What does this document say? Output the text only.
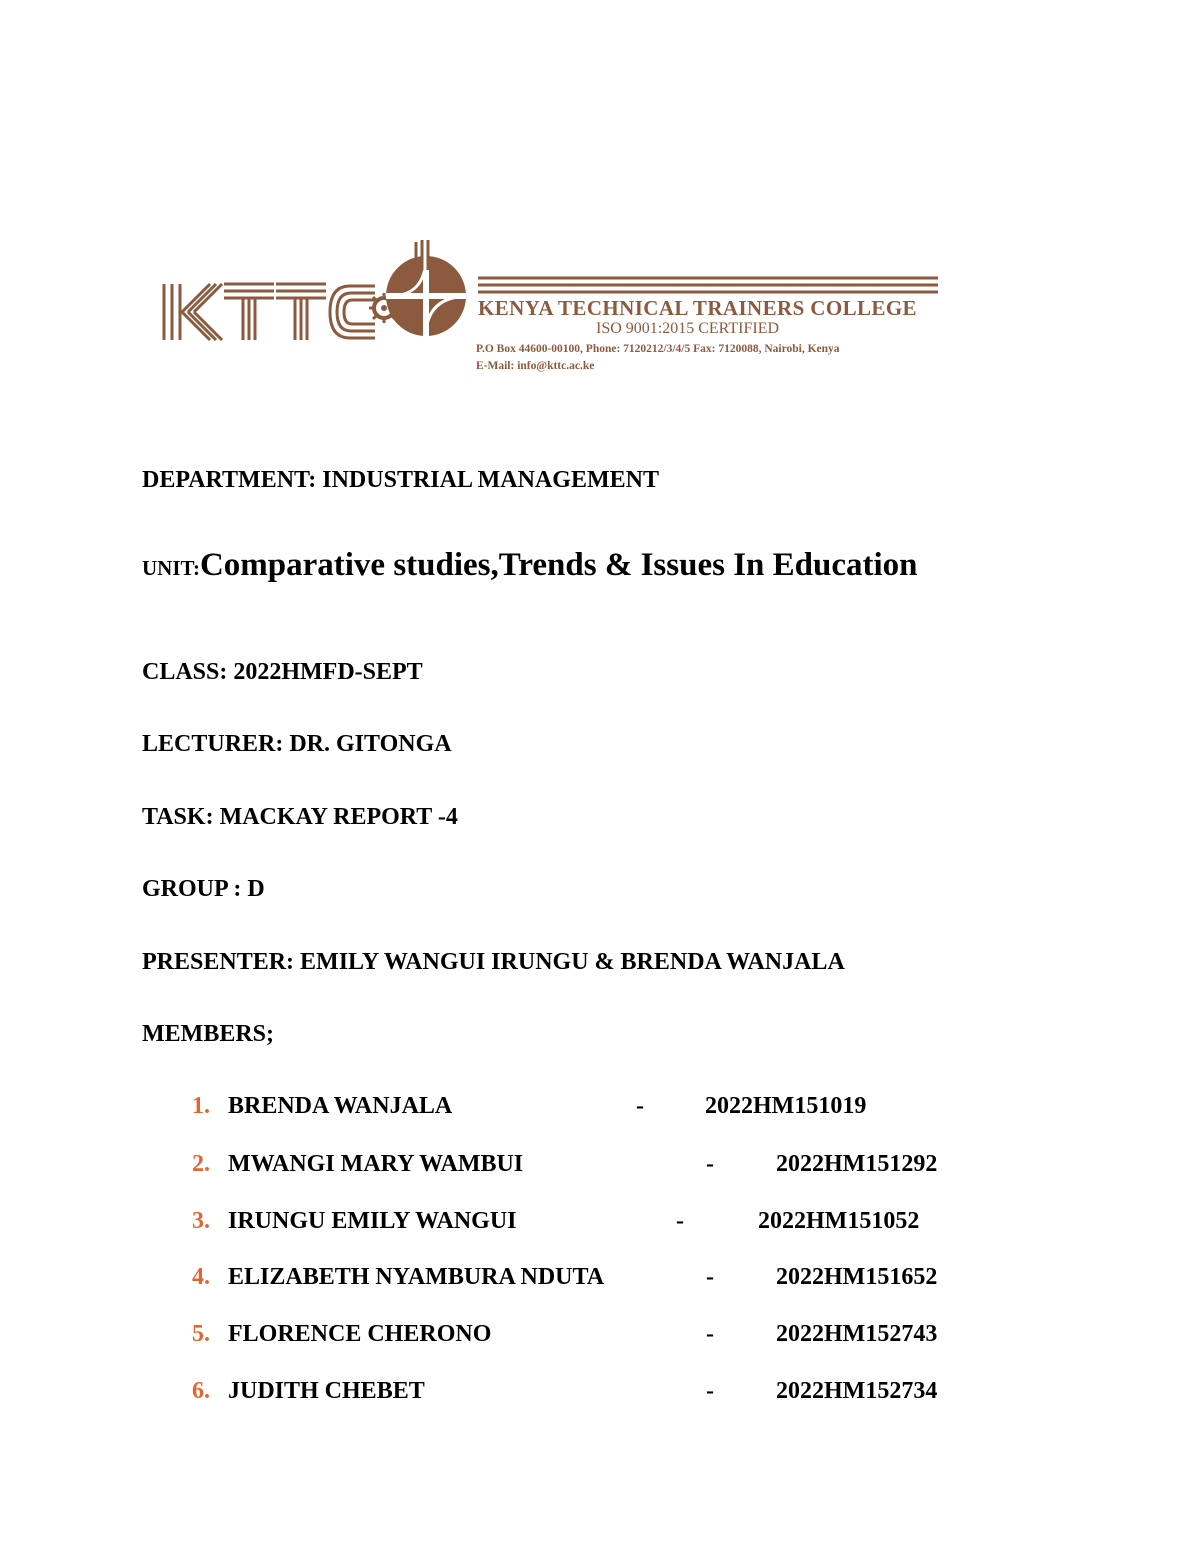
KENYA TECHNICAL TRAINERS COLLEGE
ISO 9001:2015 CERTIFIED
P.O Box 44600-00100, Phone: 7120212/3/4/5 Fax: 7120088, Nairobi, Kenya
E-Mail: info@kttc.ac.ke
DEPARTMENT: INDUSTRIAL MANAGEMENT
UNIT:Comparative studies,Trends & Issues In Education
CLASS: 2022HMFD-SEPT
LECTURER: DR. GITONGA
TASK: MACKAY REPORT -4
GROUP : D
PRESENTER: EMILY WANGUI IRUNGU & BRENDA WANJALA
MEMBERS;
1. BRENDA WANJALA	-	2022HM151019
2. MWANGI MARY WAMBUI	-	2022HM151292
3. IRUNGU EMILY WANGUI	-	2022HM151052
4. ELIZABETH NYAMBURA NDUTA	-	2022HM151652
5. FLORENCE CHERONO	-	2022HM152743
6. JUDITH CHEBET	-	2022HM152734
